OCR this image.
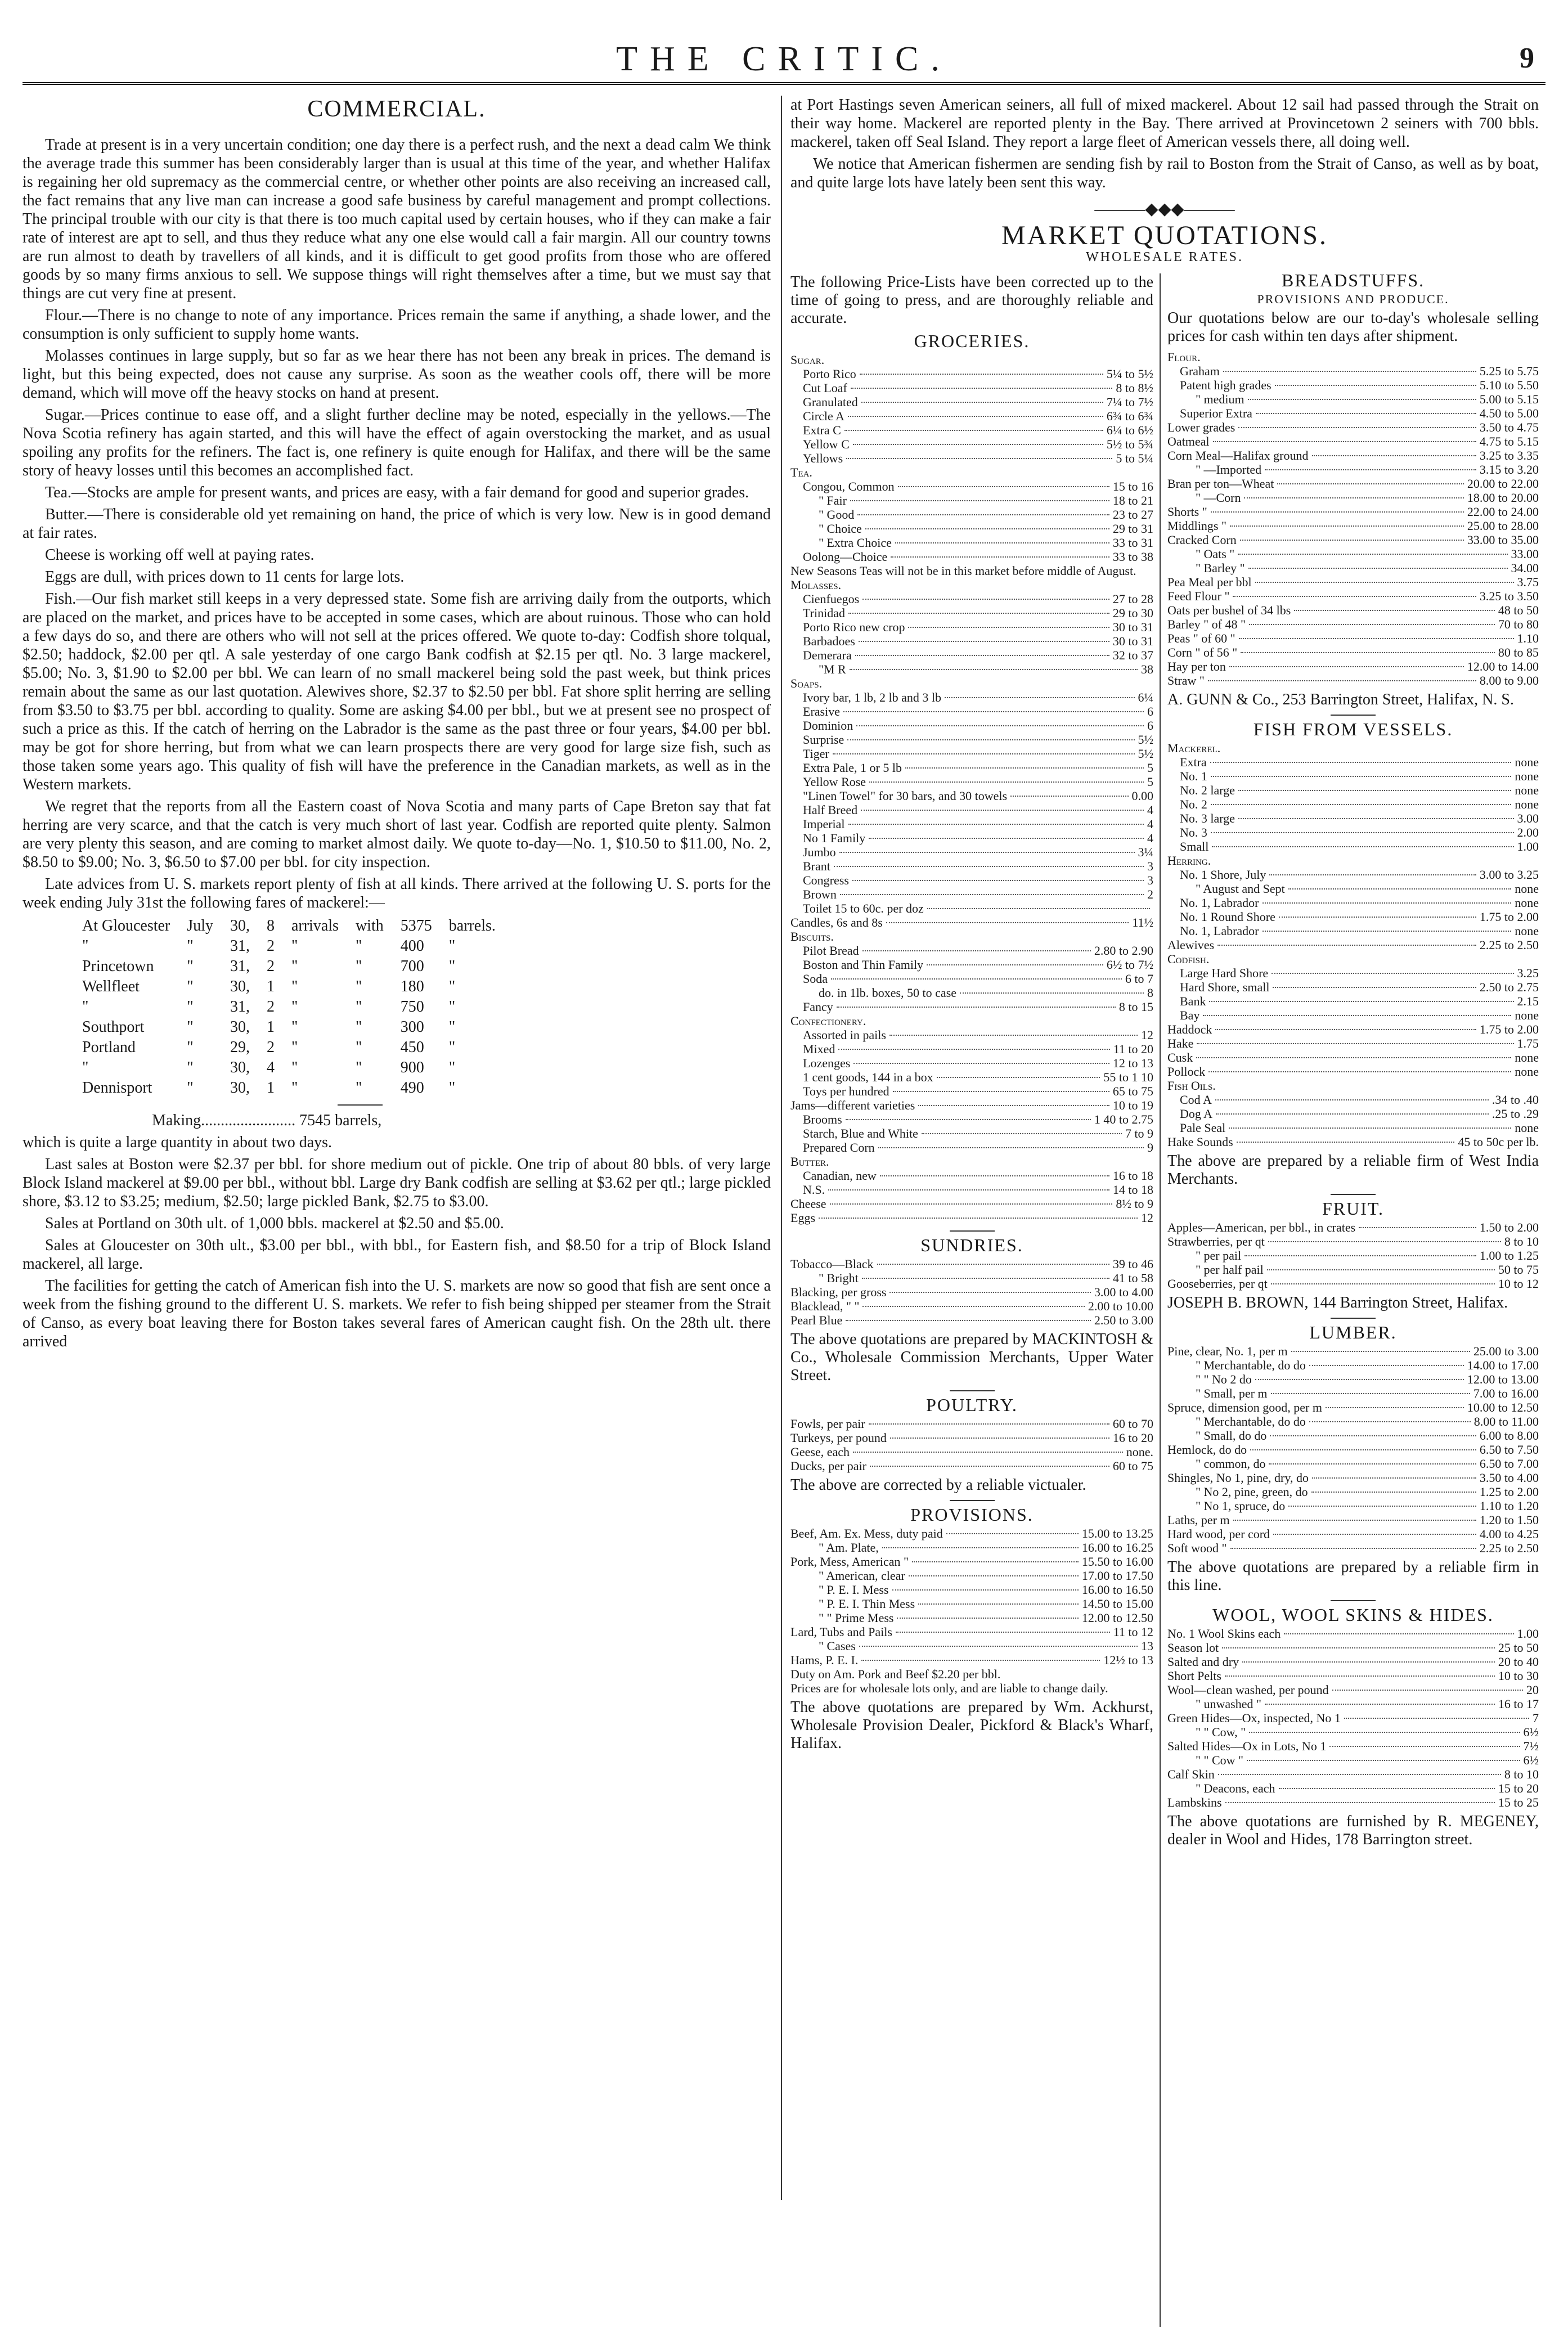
THE CRITIC.	9
COMMERCIAL.

Trade at present is in a very uncertain condition; one day there is a perfect rush, and the next a dead calm We think the average trade this summer has been considerably larger than is usual at this time of the year, and whether Halifax is regaining her old supremacy as the commercial centre, or whether other points are also receiving an increased call, the fact remains that any live man can increase a good safe business by careful management and prompt collections. The principal trouble with our city is that there is too much capital used by certain houses, who if they can make a fair rate of interest are apt to sell, and thus they reduce what any one else would call a fair margin. All our country towns are run almost to death by travellers of all kinds, and it is difficult to get good profits from those who are offered goods by so many firms anxious to sell. We suppose things will right themselves after a time, but we must say that things are cut very fine at present.

Flour.—There is no change to note of any importance. Prices remain the same if anything, a shade lower, and the consumption is only sufficient to supply home wants.

Molasses continues in large supply, but so far as we hear there has not been any break in prices. The demand is light, but this being expected, does not cause any surprise. As soon as the weather cools off, there will be more demand, which will move off the heavy stocks on hand at present.

Sugar.—Prices continue to ease off, and a slight further decline may be noted, especially in the yellows.—The Nova Scotia refinery has again started, and this will have the effect of again overstocking the market, and as usual spoiling any profits for the refiners. The fact is, one refinery is quite enough for Halifax, and there will be the same story of heavy losses until this becomes an accomplished fact.

Tea.—Stocks are ample for present wants, and prices are easy, with a fair demand for good and superior grades.

Butter.—There is considerable old yet remaining on hand, the price of which is very low. New is in good demand at fair rates.

Cheese is working off well at paying rates.

Eggs are dull, with prices down to 11 cents for large lots.

Fish.—Our fish market still keeps in a very depressed state. Some fish are arriving daily from the outports, which are placed on the market, and prices have to be accepted in some cases, which are about ruinous. Those who can hold a few days do so, and there are others who will not sell at the prices offered. We quote to-day: Codfish shore tolqual, $2.50; haddock, $2.00 per qtl. A sale yesterday of one cargo Bank codfish at $2.15 per qtl. No. 3 large mackerel, $5.00; No. 3, $1.90 to $2.00 per bbl. We can learn of no small mackerel being sold the past week, but think prices remain about the same as our last quotation. Alewives shore, $2.37 to $2.50 per bbl. Fat shore split herring are selling from $3.50 to $3.75 per bbl. according to quality. Some are asking $4.00 per bbl., but we at present see no prospect of such a price as this. If the catch of herring on the Labrador is the same as the past three or four years, $4.00 per bbl. may be got for shore herring, but from what we can learn prospects there are very good for large size fish, such as those taken some years ago. This quality of fish will have the preference in the Canadian markets, as well as in the Western markets.

We regret that the reports from all the Eastern coast of Nova Scotia and many parts of Cape Breton say that fat herring are very scarce, and that the catch is very much short of last year. Codfish are reported quite plenty. Salmon are very plenty this season, and are coming to market almost daily. We quote to-day—No. 1, $10.50 to $11.00, No. 2, $8.50 to $9.00; No. 3, $6.50 to $7.00 per bbl. for city inspection.

Late advices from U. S. markets report plenty of fish at all kinds. There arrived at the following U. S. ports for the week ending July 31st the following fares of mackerel:—

At Gloucester	July	30,	8	arrivals	with	5375	barrels.
"	"	31,	2	"	"	400	"
Princetown	"	31,	2	"	"	700	"
Wellfleet	"	30,	1	"	"	180	"
"	"	31,	2	"	"	750	"
Southport	"	30,	1	"	"	300	"
Portland	"	29,	2	"	"	450	"
"	"	30,	4	"	"	900	"
Dennisport	"	30,	1	"	"	490	"

Making........................ 7545 barrels,

which is quite a large quantity in about two days.

Last sales at Boston were $2.37 per bbl. for shore medium out of pickle. One trip of about 80 bbls. of very large Block Island mackerel at $9.00 per bbl., without bbl. Large dry Bank codfish are selling at $3.62 per qtl.; large pickled shore, $3.12 to $3.25; medium, $2.50; large pickled Bank, $2.75 to $3.00.

Sales at Portland on 30th ult. of 1,000 bbls. mackerel at $2.50 and $5.00.

Sales at Gloucester on 30th ult., $3.00 per bbl., with bbl., for Eastern fish, and $8.50 for a trip of Block Island mackerel, all large.

The facilities for getting the catch of American fish into the U. S. markets are now so good that fish are sent once a week from the fishing ground to the different U. S. markets. We refer to fish being shipped per steamer from the Strait of Canso, as every boat leaving there for Boston takes several fares of American caught fish. On the 28th ult. there arrived

at Port Hastings seven American seiners, all full of mixed mackerel. About 12 sail had passed through the Strait on their way home. Mackerel are reported plenty in the Bay. There arrived at Provincetown 2 seiners with 700 bbls. mackerel, taken off Seal Island. They report a large fleet of American vessels there, all doing well.

We notice that American fishermen are sending fish by rail to Boston from the Strait of Canso, as well as by boat, and quite large lots have lately been sent this way.

———◆◆◆———
MARKET QUOTATIONS.
WHOLESALE RATES.
The following Price-Lists have been corrected up to the time of going to press, and are thoroughly reliable and accurate.
GROCERIES.
Sugar.
Porto Rico	5¼ to 5½
Cut Loaf	8 to 8½
Granulated	7¼ to 7½
Circle A	6¾ to 6¾
Extra C	6¼ to 6½
Yellow C	5½ to 5¾
Yellows	5 to 5¼
Tea.
Congou, Common	15 to 16
" Fair	18 to 21
" Good	23 to 27
" Choice	29 to 31
" Extra Choice	33 to 31
Oolong—Choice	33 to 38
New Seasons Teas will not be in this market before middle of August.
Molasses.
Cienfuegos	27 to 28
Trinidad	29 to 30
Porto Rico new crop	30 to 31
Barbadoes	30 to 31
Demerara	32 to 37
"M R	38
Soaps.
Ivory bar, 1 lb, 2 lb and 3 lb	6¼
Erasive	6
Dominion	6
Surprise	5½
Tiger	5½
Extra Pale, 1 or 5 lb	5
Yellow Rose	5
"Linen Towel" for 30 bars, and 30 towels	0.00
Half Breed	4
Imperial	4
No 1 Family	4
Jumbo	3¼
Brant	3
Congress	3
Brown	2
Toilet 15 to 60c. per doz
Candles, 6s and 8s	11½
Biscuits.
Pilot Bread	2.80 to 2.90
Boston and Thin Family	6½ to 7½
Soda	6 to 7
do. in 1lb. boxes, 50 to case	8
Fancy	8 to 15
Confectionery.
Assorted in pails	12
Mixed	11 to 20
Lozenges	12 to 13
1 cent goods, 144 in a box	55 to 1 10
Toys per hundred	65 to 75
Jams—different varieties	10 to 19
Brooms	1 40 to 2.75
Starch, Blue and White	7 to 9
Prepared Corn	9
Butter.
Canadian, new	16 to 18
N.S.	14 to 18
Cheese	8½ to 9
Eggs	12
SUNDRIES.
Tobacco—Black	39 to 46
" Bright	41 to 58
Blacking, per gross	3.00 to 4.00
Blacklead, " "	2.00 to 10.00
Pearl Blue	2.50 to 3.00
The above quotations are prepared by MACKINTOSH & Co., Wholesale Commission Merchants, Upper Water Street.
POULTRY.
Fowls, per pair	60 to 70
Turkeys, per pound	16 to 20
Geese, each	none.
Ducks, per pair	60 to 75
The above are corrected by a reliable victualer.
PROVISIONS.
Beef, Am. Ex. Mess, duty paid	15.00 to 13.25
" Am. Plate,	16.00 to 16.25
Pork, Mess, American "	15.50 to 16.00
" American, clear	17.00 to 17.50
" P. E. I. Mess	16.00 to 16.50
" P. E. I. Thin Mess	14.50 to 15.00
" " Prime Mess	12.00 to 12.50
Lard, Tubs and Pails	11 to 12
" Cases	13
Hams, P. E. I.	12½ to 13
Duty on Am. Pork and Beef $2.20 per bbl.
Prices are for wholesale lots only, and are liable to change daily.
The above quotations are prepared by Wm. Ackhurst, Wholesale Provision Dealer, Pickford & Black's Wharf, Halifax.
BREADSTUFFS.
PROVISIONS AND PRODUCE.
Our quotations below are our to-day's wholesale selling prices for cash within ten days after shipment.
Flour.
Graham	5.25 to 5.75
Patent high grades	5.10 to 5.50
" medium	5.00 to 5.15
Superior Extra	4.50 to 5.00
Lower grades	3.50 to 4.75
Oatmeal	4.75 to 5.15
Corn Meal—Halifax ground	3.25 to 3.35
" —Imported	3.15 to 3.20
Bran per ton—Wheat	20.00 to 22.00
" —Corn	18.00 to 20.00
Shorts "	22.00 to 24.00
Middlings "	25.00 to 28.00
Cracked Corn	33.00 to 35.00
" Oats "	33.00
" Barley "	34.00
Pea Meal per bbl	3.75
Feed Flour "	3.25 to 3.50
Oats per bushel of 34 lbs	48 to 50
Barley " of 48 "	70 to 80
Peas " of 60 "	1.10
Corn " of 56 "	80 to 85
Hay per ton	12.00 to 14.00
Straw "	8.00 to 9.00
A. GUNN & Co., 253 Barrington Street, Halifax, N. S.
FISH FROM VESSELS.
Mackerel.
Extra	none
No. 1	none
No. 2 large	none
No. 2	none
No. 3 large	3.00
No. 3	2.00
Small	1.00
Herring.
No. 1 Shore, July	3.00 to 3.25
" August and Sept	none
No. 1, Labrador	none
No. 1 Round Shore	1.75 to 2.00
No. 1, Labrador	none
Alewives	2.25 to 2.50
Codfish.
Large Hard Shore	3.25
Hard Shore, small	2.50 to 2.75
Bank	2.15
Bay	none
Haddock	1.75 to 2.00
Hake	1.75
Cusk	none
Pollock	none
Fish Oils.
Cod A	.34 to .40
Dog A	.25 to .29
Pale Seal	none
Hake Sounds	45 to 50c per lb.
The above are prepared by a reliable firm of West India Merchants.
FRUIT.
Apples—American, per bbl., in crates	1.50 to 2.00
Strawberries, per qt	8 to 10
" per pail	1.00 to 1.25
" per half pail	50 to 75
Gooseberries, per qt	10 to 12
JOSEPH B. BROWN, 144 Barrington Street, Halifax.
LUMBER.
Pine, clear, No. 1, per m	25.00 to 3.00
" Merchantable, do do	14.00 to 17.00
" " No 2 do	12.00 to 13.00
" Small, per m	7.00 to 16.00
Spruce, dimension good, per m	10.00 to 12.50
" Merchantable, do do	8.00 to 11.00
" Small, do do	6.00 to 8.00
Hemlock, do do	6.50 to 7.50
" common, do	6.50 to 7.00
Shingles, No 1, pine, dry, do	3.50 to 4.00
" No 2, pine, green, do	1.25 to 2.00
" No 1, spruce, do	1.10 to 1.20
Laths, per m	1.20 to 1.50
Hard wood, per cord	4.00 to 4.25
Soft wood "	2.25 to 2.50
The above quotations are prepared by a reliable firm in this line.
WOOL, WOOL SKINS & HIDES.
No. 1 Wool Skins each	1.00
Season lot	25 to 50
Salted and dry	20 to 40
Short Pelts	10 to 30
Wool—clean washed, per pound	20
" unwashed "	16 to 17
Green Hides—Ox, inspected, No 1	7
" " Cow, "	6½
Salted Hides—Ox in Lots, No 1	7½
" " Cow "	6½
Calf Skin	8 to 10
" Deacons, each	15 to 20
Lambskins	15 to 25
The above quotations are furnished by R. MEGENEY, dealer in Wool and Hides, 178 Barrington street.
